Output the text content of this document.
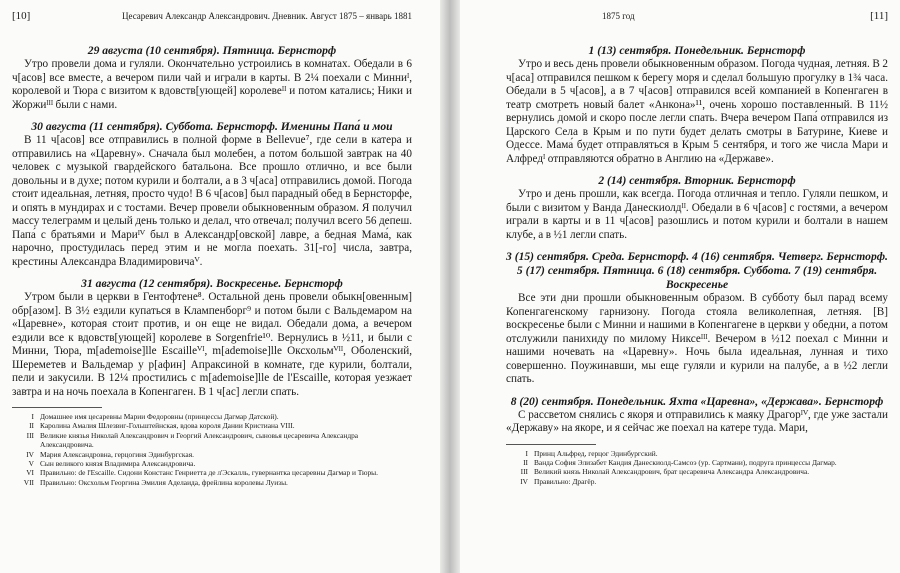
[10]	Цесаревич Александр Александрович. Дневник. Август 1875 – январь 1881
29 августа (10 сентября). Пятница. Бернсторф

Утро провели дома и гуляли. Окончательно устроились в комнатах. Обедали в 6 ч[асов] все вместе, а вечером пили чай и играли в карты. В 2¼ поехали с Минниᴵ, королевой и Тюра с визитом к вдовств[ующей] королевеᴵᴵ и потом катались; Ники и Жоржиᴵᴵᴵ были с нами.

30 августа (11 сентября). Суббота. Бернсторф. Именины Папа́ и мои

В 11 ч[асов] все отправились в полной форме в Bellevue⁷, где сели в катера и отправились на «Царевну». Сначала был молебен, а потом большой завтрак на 40 человек с музыкой гвардейского батальона. Все прошло отлично, и все были довольны и в духе; потом курили и болтали, а в 3 ч[аса] отправились домой. Погода стоит идеальная, летняя, просто чудо! В 6 ч[асов] был парадный обед в Бернсторфе, и опять в мундирах и с тостами. Вечер провели обыкновенным образом. Я получил массу телеграмм и целый день только и делал, что отвечал; получил всего 56 депеш. Папа́ с братьями и Мариᴵⱽ был в Александр[овской] лавре, а бедная Мама́, как нарочно, простудилась перед этим и не могла поехать. 31[-го] числа, завтра, крестины Александра Владимировичаⱽ.

31 августа (12 сентября). Воскресенье. Бернсторф

Утром были в церкви в Гентофтене⁸. Остальной день провели обыкн[овенным] обр[азом]. В 3½ ездили купаться в Клампенборг⁹ и потом были с Вальдемаром на «Царевне», которая стоит против, и он еще не видал. Обедали дома, а вечером ездили все к вдовств[ующей] королеве в Sorgenfrie¹⁰. Вернулись в ½11, и были с Минни, Тюра, m[ademoise]lle Escailleⱽᴵ, m[ademoise]lle Оксхольмⱽᴵᴵ, Оболенский, Шереметев и Вальдемар у р[афин] Апраксиной в комнате, где курили, болтали, пели и закусили. В 12¼ простились с m[ademoise]lle de l'Escaille, которая уезжает завтра и на ночь поехала в Копенгаген. В 1 ч[ас] легли спать.

I Домашнее имя цесаревны Марии Федоровны (принцессы Дагмар Датской).
II Каролина Амалия Шлезвиг-Гольштейнская, вдова короля Дании Кристиана VIII.
III Великие князья Николай Александрович и Георгий Александрович, сыновья цесаревича Александра Александровича.
IV Мария Александровна, герцогиня Эдинбургская.
V Сын великого князя Владимира Александровича.
VI Правильно: de l'Escaille. Сидони Констанс Генриетта де л'Эскалль, гувернантка цесаревны Дагмар и Тюры.
VII Правильно: Оксхольм Георгина Эмилия Аделаида, фрейлина королевы Луизы.
1875 год	[11]
1 (13) сентября. Понедельник. Бернсторф

Утро и весь день провели обыкновенным образом. Погода чудная, летняя. В 2 ч[аса] отправился пешком к берегу моря и сделал большую прогулку в 1¾ часа. Обедали в 5 ч[асов], а в 7 ч[асов] отправился всей компанией в Копенгаген в театр смотреть новый балет «Анкона»¹¹, очень хорошо поставленный. В 11½ вернулись домой и скоро после легли спать. Вчера вечером Папа́ отправился из Царского Села в Крым и по пути будет делать смотры в Батурине, Киеве и Одессе. Мама́ будет отправляться в Крым 5 сентября, и того же числа Мари и Алфредᴵ отправляются обратно в Англию на «Державе».

2 (14) сентября. Вторник. Бернсторф

Утро и день прошли, как всегда. Погода отличная и тепло. Гуляли пешком, и были с визитом у Ванда Данескиолдᴵᴵ. Обедали в 6 ч[асов] с гостями, а вечером играли в карты и в 11 ч[асов] разошлись и потом курили и болтали в нашем клубе, а в ½1 легли спать.

3 (15) сентября. Среда. Бернсторф. 4 (16) сентября. Четверг. Бернсторф. 5 (17) сентября. Пятница. 6 (18) сентября. Суббота. 7 (19) сентября. Воскресенье

Все эти дни прошли обыкновенным образом. В субботу был парад всему Копенгагенскому гарнизону. Погода стояла великолепная, летняя. [В] воскресенье были с Минни и нашими в Копенгагене в церкви у обедни, а потом отслужили панихиду по милому Никсеᴵᴵᴵ. Вечером в ½12 поехал с Минни и нашими ночевать на «Царевну». Ночь была идеальная, лунная и тихо совершенно. Поужинавши, мы еще гуляли и курили на палубе, а в ½2 легли спать.

8 (20) сентября. Понедельник. Яхта «Царевна», «Держава». Бернсторф

С рассветом снялись с якоря и отправились к маяку Драгорᴵⱽ, где уже застали «Державу» на якоре, и я сейчас же поехал на катере туда. Мари,

I Принц Альфред, герцог Эдинбургский.
II Ванда София Элизабет Кандия Данескиолд-Самсоэ (ур. Сартмани), подруга принцессы Дагмар.
III Великий князь Николай Александрович, брат цесаревича Александра Александровича.
IV Правильно: Драгёр.
